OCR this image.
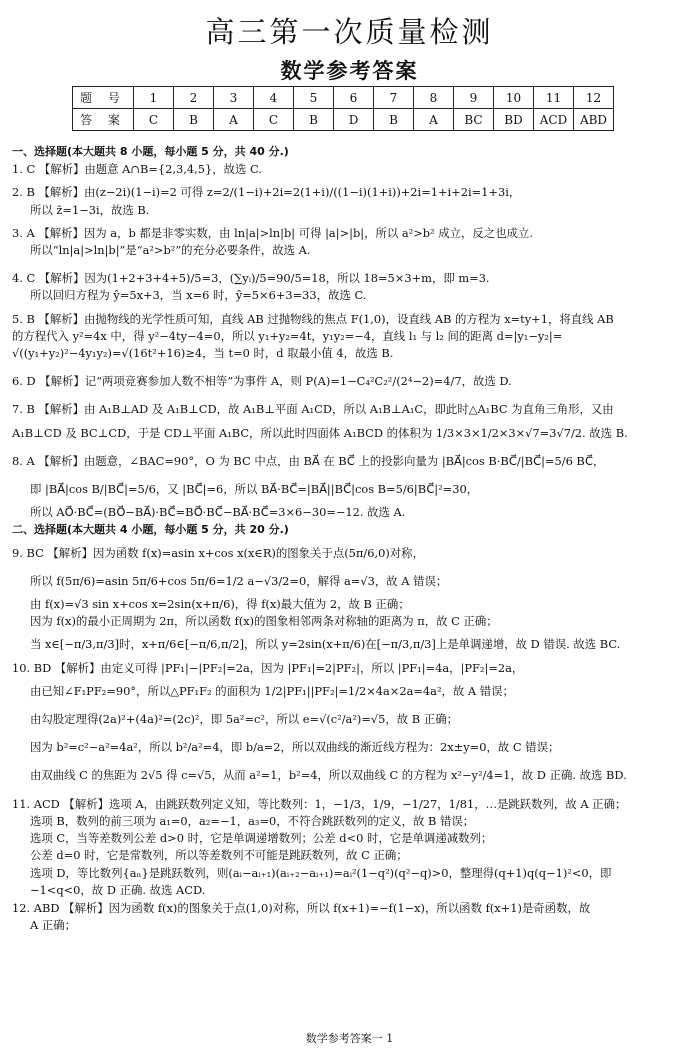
高三第一次质量检测
数学参考答案
题 号	1	2	3	4	5	6	7	8	9	10	11	12
答 案	C	B	A	C	B	D	B	A	BC	BD	ACD	ABD
一、选择题(本大题共 8 小题，每小题 5 分，共 40 分.)
1. C 【解析】由题意 A∩B={2,3,4,5}，故选 C.
2. B 【解析】由(z−2i)(1−i)=2 可得 z=2/(1−i)+2i=2(1+i)/((1−i)(1+i))+2i=1+i+2i=1+3i，
所以 z̄=1−3i，故选 B.
3. A 【解析】因为 a，b 都是非零实数，由 ln|a|>ln|b| 可得 |a|>|b|，所以 a²>b² 成立，反之也成立.
所以“ln|a|>ln|b|”是“a²>b²”的充分必要条件，故选 A.
4. C 【解析】因为(1+2+3+4+5)/5=3，(∑yᵢ)/5=90/5=18，所以 18=5×3+m，即 m=3.
所以回归方程为 ŷ=5x+3，当 x=6 时，ŷ=5×6+3=33，故选 C.
5. B 【解析】由抛物线的光学性质可知，直线 AB 过抛物线的焦点 F(1,0)，设直线 AB 的方程为 x=ty+1，将直线 AB
的方程代入 y²=4x 中，得 y²−4ty−4=0，所以 y₁+y₂=4t，y₁y₂=−4，直线 l₁ 与 l₂ 间的距离 d=|y₁−y₂|=
√((y₁+y₂)²−4y₁y₂)=√(16t²+16)≥4，当 t=0 时，d 取最小值 4，故选 B.
6. D 【解析】记“两项竞赛参加人数不相等”为事件 A，则 P(A)=1−C₄²C₂²/(2⁴−2)=4/7，故选 D.
7. B 【解析】由 A₁B⊥AD 及 A₁B⊥CD，故 A₁B⊥平面 A₁CD，所以 A₁B⊥A₁C，即此时△A₁BC 为直角三角形，又由
A₁B⊥CD 及 BC⊥CD，于是 CD⊥平面 A₁BC，所以此时四面体 A₁BCD 的体积为 1/3×3×1/2×3×√7=3√7/2. 故选 B.
8. A 【解析】由题意，∠BAC=90°，O 为 BC 中点，由 BA⃗ 在 BC⃗ 上的投影向量为 |BA⃗|cos B·BC⃗/|BC⃗|=5/6 BC⃗，
即 |BA⃗|cos B/|BC⃗|=5/6，又 |BC⃗|=6，所以 BA⃗·BC⃗=|BA⃗||BC⃗|cos B=5/6|BC⃗|²=30，
所以 AO⃗·BC⃗=(BO⃗−BA⃗)·BC⃗=BO⃗·BC⃗−BA⃗·BC⃗=3×6−30=−12. 故选 A.
二、选择题(本大题共 4 小题，每小题 5 分，共 20 分.)
9. BC 【解析】因为函数 f(x)=asin x+cos x(x∈R)的图象关于点(5π/6,0)对称，
所以 f(5π/6)=asin 5π/6+cos 5π/6=1/2 a−√3/2=0，解得 a=√3，故 A 错误；
由 f(x)=√3 sin x+cos x=2sin(x+π/6)，得 f(x)最大值为 2，故 B 正确；
因为 f(x)的最小正周期为 2π，所以函数 f(x)的图象相邻两条对称轴的距离为 π，故 C 正确；
当 x∈[−π/3,π/3]时，x+π/6∈[−π/6,π/2]，所以 y=2sin(x+π/6)在[−π/3,π/3]上是单调递增，故 D 错误. 故选 BC.
10. BD 【解析】由定义可得 |PF₁|−|PF₂|=2a，因为 |PF₁|=2|PF₂|，所以 |PF₁|=4a，|PF₂|=2a，
由已知∠F₁PF₂=90°，所以△PF₁F₂ 的面积为 1/2|PF₁||PF₂|=1/2×4a×2a=4a²，故 A 错误；
由勾股定理得(2a)²+(4a)²=(2c)²，即 5a²=c²，所以 e=√(c²/a²)=√5，故 B 正确；
因为 b²=c²−a²=4a²，所以 b²/a²=4，即 b/a=2，所以双曲线的渐近线方程为：2x±y=0，故 C 错误；
由双曲线 C 的焦距为 2√5 得 c=√5，从而 a²=1，b²=4，所以双曲线 C 的方程为 x²−y²/4=1，故 D 正确. 故选 BD.
11. ACD 【解析】选项 A，由跳跃数列定义知，等比数列：1，−1/3，1/9，−1/27，1/81，…是跳跃数列，故 A 正确；
选项 B，数列的前三项为 a₁=0，a₂=−1，a₃=0，不符合跳跃数列的定义，故 B 错误；
选项 C，当等差数列公差 d>0 时，它是单调递增数列；公差 d<0 时，它是单调递减数列；
公差 d=0 时，它是常数列，所以等差数列不可能是跳跃数列，故 C 正确；
选项 D，等比数列{aₙ}是跳跃数列，则(aᵢ−aᵢ₊₁)(aᵢ₊₂−aᵢ₊₁)=aᵢ²(1−q²)(q²−q)>0，整理得(q+1)q(q−1)²<0，即
−1<q<0，故 D 正确. 故选 ACD.
12. ABD 【解析】因为函数 f(x)的图象关于点(1,0)对称，所以 f(x+1)=−f(1−x)，所以函数 f(x+1)是奇函数，故
A 正确；
数学参考答案一 1
